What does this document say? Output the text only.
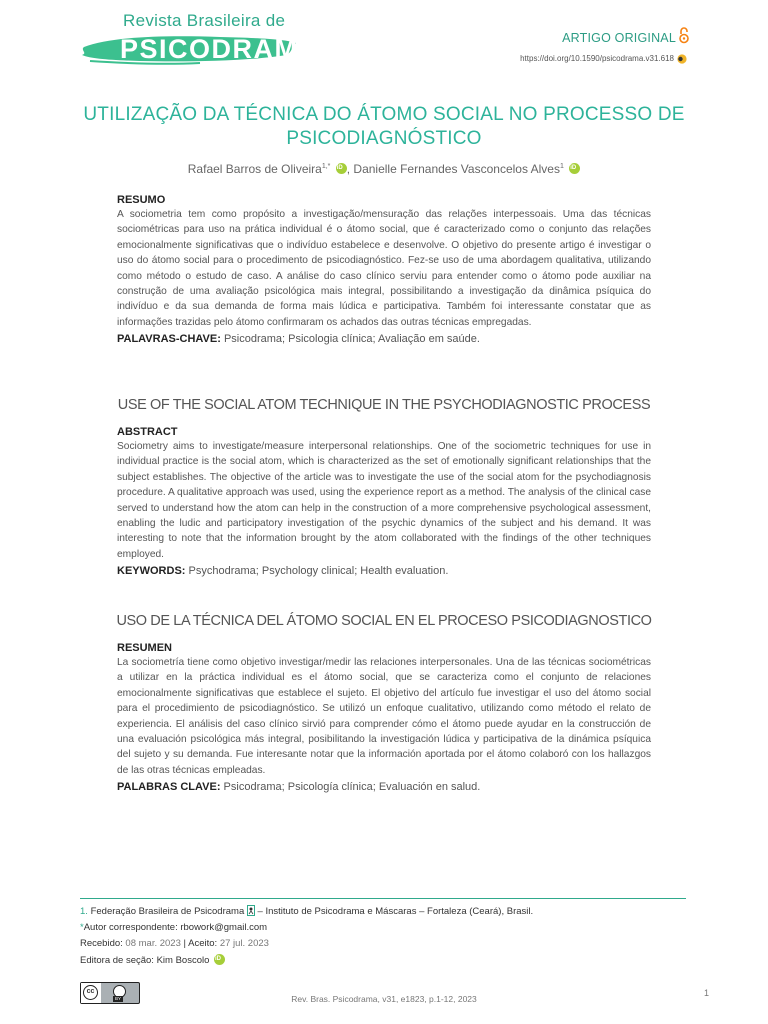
Revista Brasileira de
PSICODRAMA	ARTIGO ORIGINAL
https://doi.org/10.1590/psicodrama.v31.618
UTILIZAÇÃO DA TÉCNICA DO ÁTOMO SOCIAL NO PROCESSO DE PSICODIAGNÓSTICO
Rafael Barros de Oliveira$^{1,*}$ iD , Danielle Fernandes Vasconcelos Alves$^1$ iD
RESUMO

A sociometria tem como propósito a investigação/mensuração das relações interpessoais. Uma das técnicas sociométricas para uso na prática individual é o átomo social, que é caracterizado como o conjunto das relações emocionalmente significativas que o indivíduo estabelece e desenvolve. O objetivo do presente artigo é investigar o uso do átomo social para o procedimento de psicodiagnóstico. Fez-se uso de uma abordagem qualitativa, utilizando como método o estudo de caso. A análise do caso clínico serviu para entender como o átomo pode auxiliar na construção de uma avaliação psicológica mais integral, possibilitando a investigação da dinâmica psíquica do indivíduo e da sua demanda de forma mais lúdica e participativa. Também foi interessante constatar que as informações trazidas pelo átomo confirmaram os achados das outras técnicas empregadas.

PALAVRAS-CHAVE: Psicodrama; Psicologia clínica; Avaliação em saúde.
USE OF THE SOCIAL ATOM TECHNIQUE IN THE PSYCHODIAGNOSTIC PROCESS
ABSTRACT

Sociometry aims to investigate/measure interpersonal relationships. One of the sociometric techniques for use in individual practice is the social atom, which is characterized as the set of emotionally significant relationships that the subject establishes. The objective of the article was to investigate the use of the social atom for the psychodiagnosis procedure. A qualitative approach was used, using the experience report as a method. The analysis of the clinical case served to understand how the atom can help in the construction of a more comprehensive psychological assessment, enabling the ludic and participatory investigation of the psychic dynamics of the subject and his demand. It was interesting to note that the information brought by the atom collaborated with the findings of the other techniques employed.

KEYWORDS: Psychodrama; Psychology clinical; Health evaluation.
USO DE LA TÉCNICA DEL ÁTOMO SOCIAL EN EL PROCESO PSICODIAGNOSTICO
RESUMEN

La sociometría tiene como objetivo investigar/medir las relaciones interpersonales. Una de las técnicas sociométricas a utilizar en la práctica individual es el átomo social, que se caracteriza como el conjunto de relaciones emocionalmente significativas que establece el sujeto. El objetivo del artículo fue investigar el uso del átomo social para el procedimiento de psicodiagnóstico. Se utilizó un enfoque cualitativo, utilizando como método el relato de experiencia. El análisis del caso clínico sirvió para comprender cómo el átomo puede ayudar en la construcción de una evaluación psicológica más integral, posibilitando la investigación lúdica y participativa de la dinámica psíquica del sujeto y su demanda. Fue interesante notar que la información aportada por el átomo colaboró con los hallazgos de las otras técnicas empleadas.

PALABRAS CLAVE: Psicodrama; Psicología clínica; Evaluación en salud.
1. Federação Brasileira de Psicodrama – Instituto de Psicodrama e Máscaras – Fortaleza (Ceará), Brasil.
*Autor correspondente: rbowork@gmail.com
Recebido: 08 mar. 2023 | Aceito: 27 jul. 2023
Editora de seção: Kim Boscolo iD
cc
BY	Rev. Bras. Psicodrama, v31, e1823, p.1-12, 2023
1
